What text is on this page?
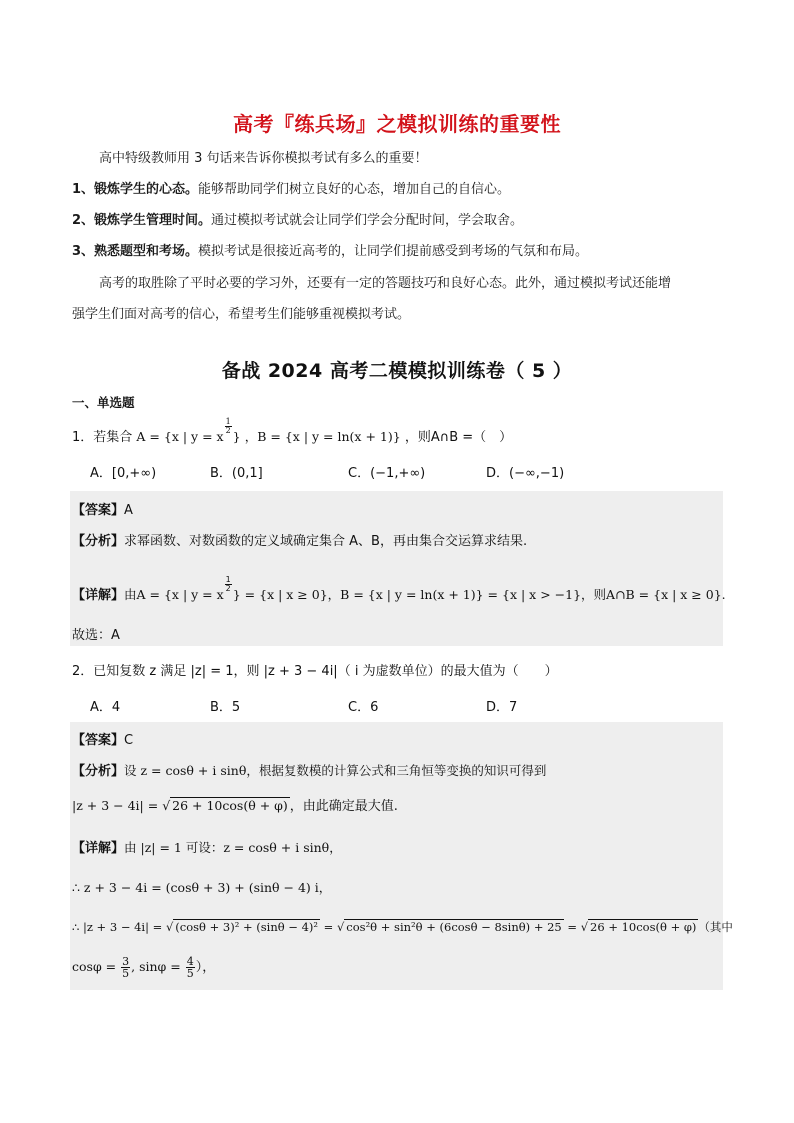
高考『练兵场』之模拟训练的重要性
高中特级教师用 3 句话来告诉你模拟考试有多么的重要！
1、锻炼学生的心态。能够帮助同学们树立良好的心态，增加自己的自信心。
2、锻炼学生管理时间。通过模拟考试就会让同学们学会分配时间，学会取舍。
3、熟悉题型和考场。模拟考试是很接近高考的，让同学们提前感受到考场的气氛和布局。
高考的取胜除了平时必要的学习外，还要有一定的答题技巧和良好心态。此外，通过模拟考试还能增
强学生们面对高考的信心，希望考生们能够重视模拟考试。
备战 2024 高考二模模拟训练卷（ 5 ）
一、单选题
1．若集合 A = {x | y = x
$\frac{1}{2}$
} ，B = {x | y = ln(x + 1)} ，则A∩B =（　）
A．[0,+∞)	B．(0,1]	C．(−1,+∞)	D．(−∞,−1)
【答案】A
【分析】求幂函数、对数函数的定义域确定集合 A、B，再由集合交运算求结果.
【详解】由A = {x | y = x
$\frac{1}{2}$
} = {x | x ≥ 0}，B = {x | y = ln(x + 1)} = {x | x > −1}，则A∩B = {x | x ≥ 0}.
故选：A
2．已知复数 z 满足 |z| = 1，则 |z + 3 − 4i|（ i 为虚数单位）的最大值为（　　）
A．4	B．5	C．6	D．7
【答案】C
【分析】设 z = cosθ + i sinθ，根据复数模的计算公式和三角恒等变换的知识可得到
|z + 3 − 4i| = √ 26 + 10cos(θ + φ) ，由此确定最大值.
【详解】由 |z| = 1 可设：z = cosθ + i sinθ，
∴ z + 3 − 4i = (cosθ + 3) + (sinθ − 4) i，
∴ |z + 3 − 4i| = √ (cosθ + 3)² + (sinθ − 4)² = √ cos²θ + sin²θ + (6cosθ − 8sinθ) + 25 = √ 26 + 10cos(θ + φ) （其中
$\cos\varphi = \frac{3}{5}$ , $\sin\varphi = \frac{4}{5}$ ），
